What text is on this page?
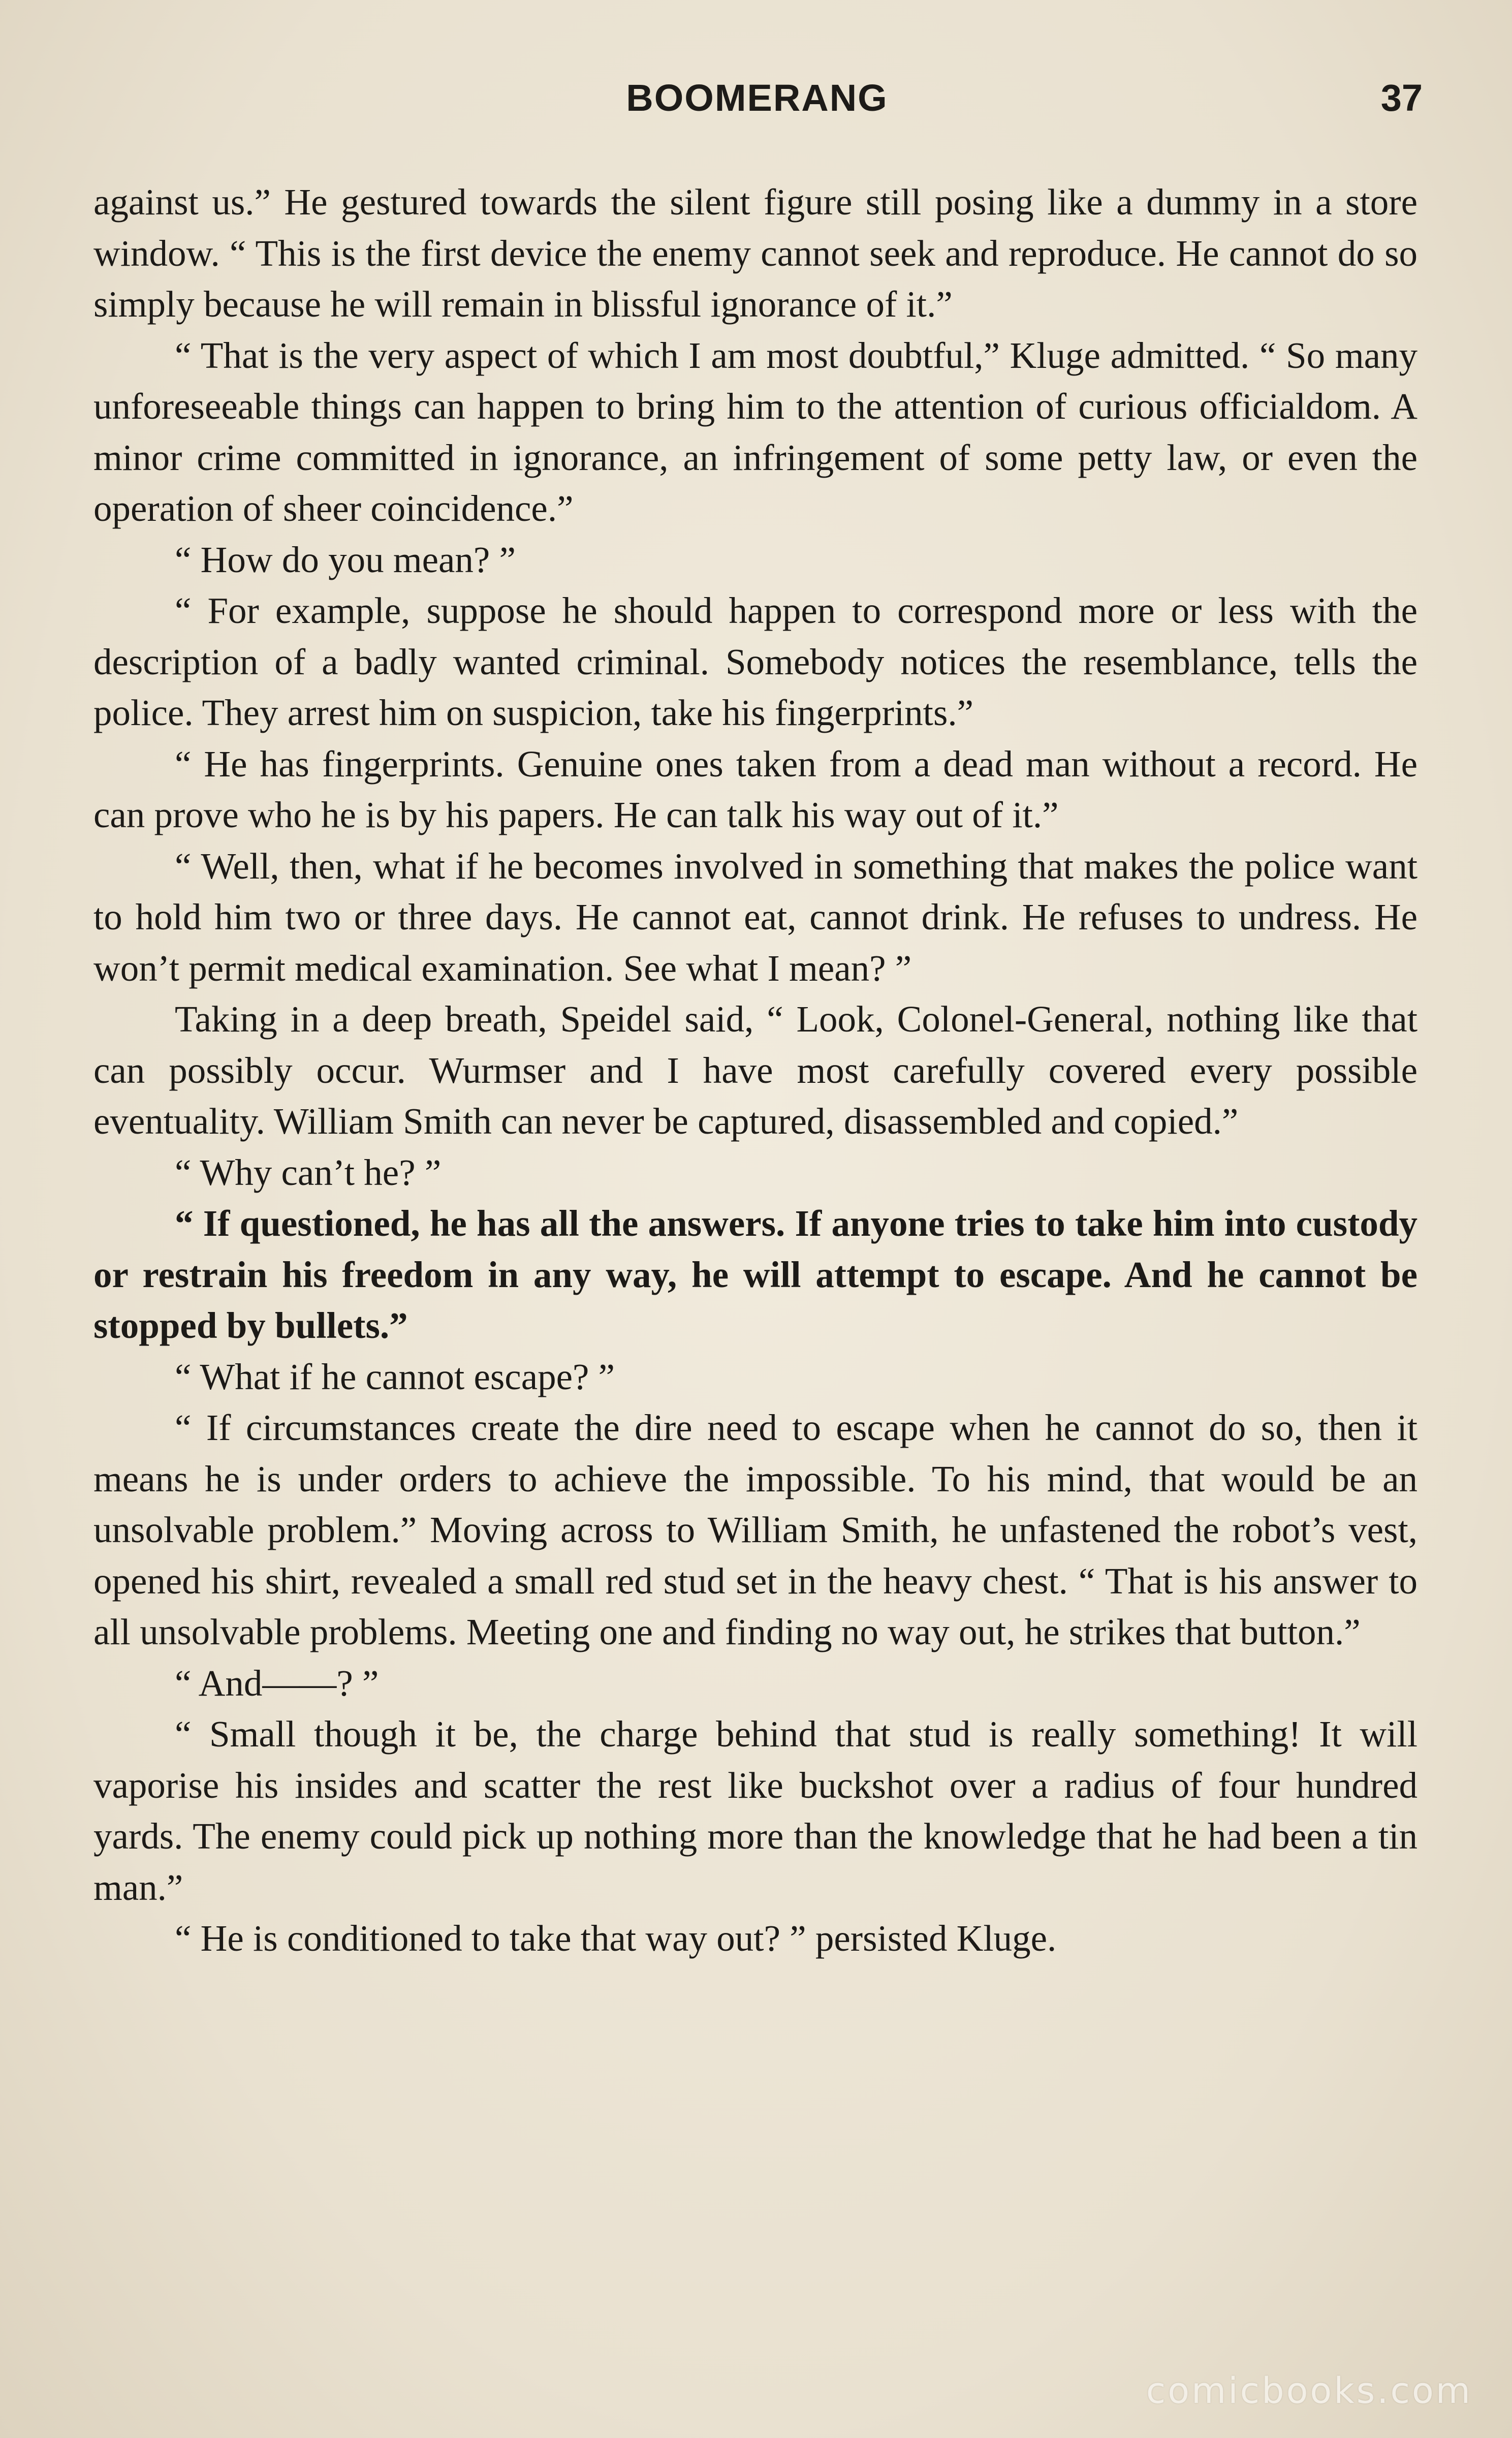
BOOMERANG	37

against us.” He gestured towards the silent figure still posing like a dummy in a store window. “ This is the first device the enemy cannot seek and reproduce. He cannot do so simply because he will remain in blissful ignorance of it.”

“ That is the very aspect of which I am most doubtful,” Kluge admitted. “ So many unforeseeable things can happen to bring him to the attention of curious officialdom. A minor crime committed in ignorance, an infringement of some petty law, or even the operation of sheer coincidence.”

“ How do you mean? ”

“ For example, suppose he should happen to correspond more or less with the description of a badly wanted criminal. Somebody notices the resemblance, tells the police. They arrest him on suspicion, take his fingerprints.”

“ He has fingerprints. Genuine ones taken from a dead man without a record. He can prove who he is by his papers. He can talk his way out of it.”

“ Well, then, what if he becomes involved in something that makes the police want to hold him two or three days. He cannot eat, cannot drink. He refuses to undress. He won’t permit medical examination. See what I mean? ”

Taking in a deep breath, Speidel said, “ Look, Colonel-General, nothing like that can possibly occur. Wurmser and I have most carefully covered every possible eventuality. William Smith can never be captured, disassembled and copied.”

“ Why can’t he? ”

“ If questioned, he has all the answers. If anyone tries to take him into custody or restrain his freedom in any way, he will attempt to escape. And he cannot be stopped by bullets.”

“ What if he cannot escape? ”

“ If circumstances create the dire need to escape when he cannot do so, then it means he is under orders to achieve the impossible. To his mind, that would be an unsolvable problem.” Moving across to William Smith, he unfastened the robot’s vest, opened his shirt, revealed a small red stud set in the heavy chest. “ That is his answer to all unsolvable problems. Meeting one and finding no way out, he strikes that button.”

“ And——? ”

“ Small though it be, the charge behind that stud is really something! It will vaporise his insides and scatter the rest like buckshot over a radius of four hundred yards. The enemy could pick up nothing more than the knowledge that he had been a tin man.”

“ He is conditioned to take that way out? ” persisted Kluge.

comicbooks.com
